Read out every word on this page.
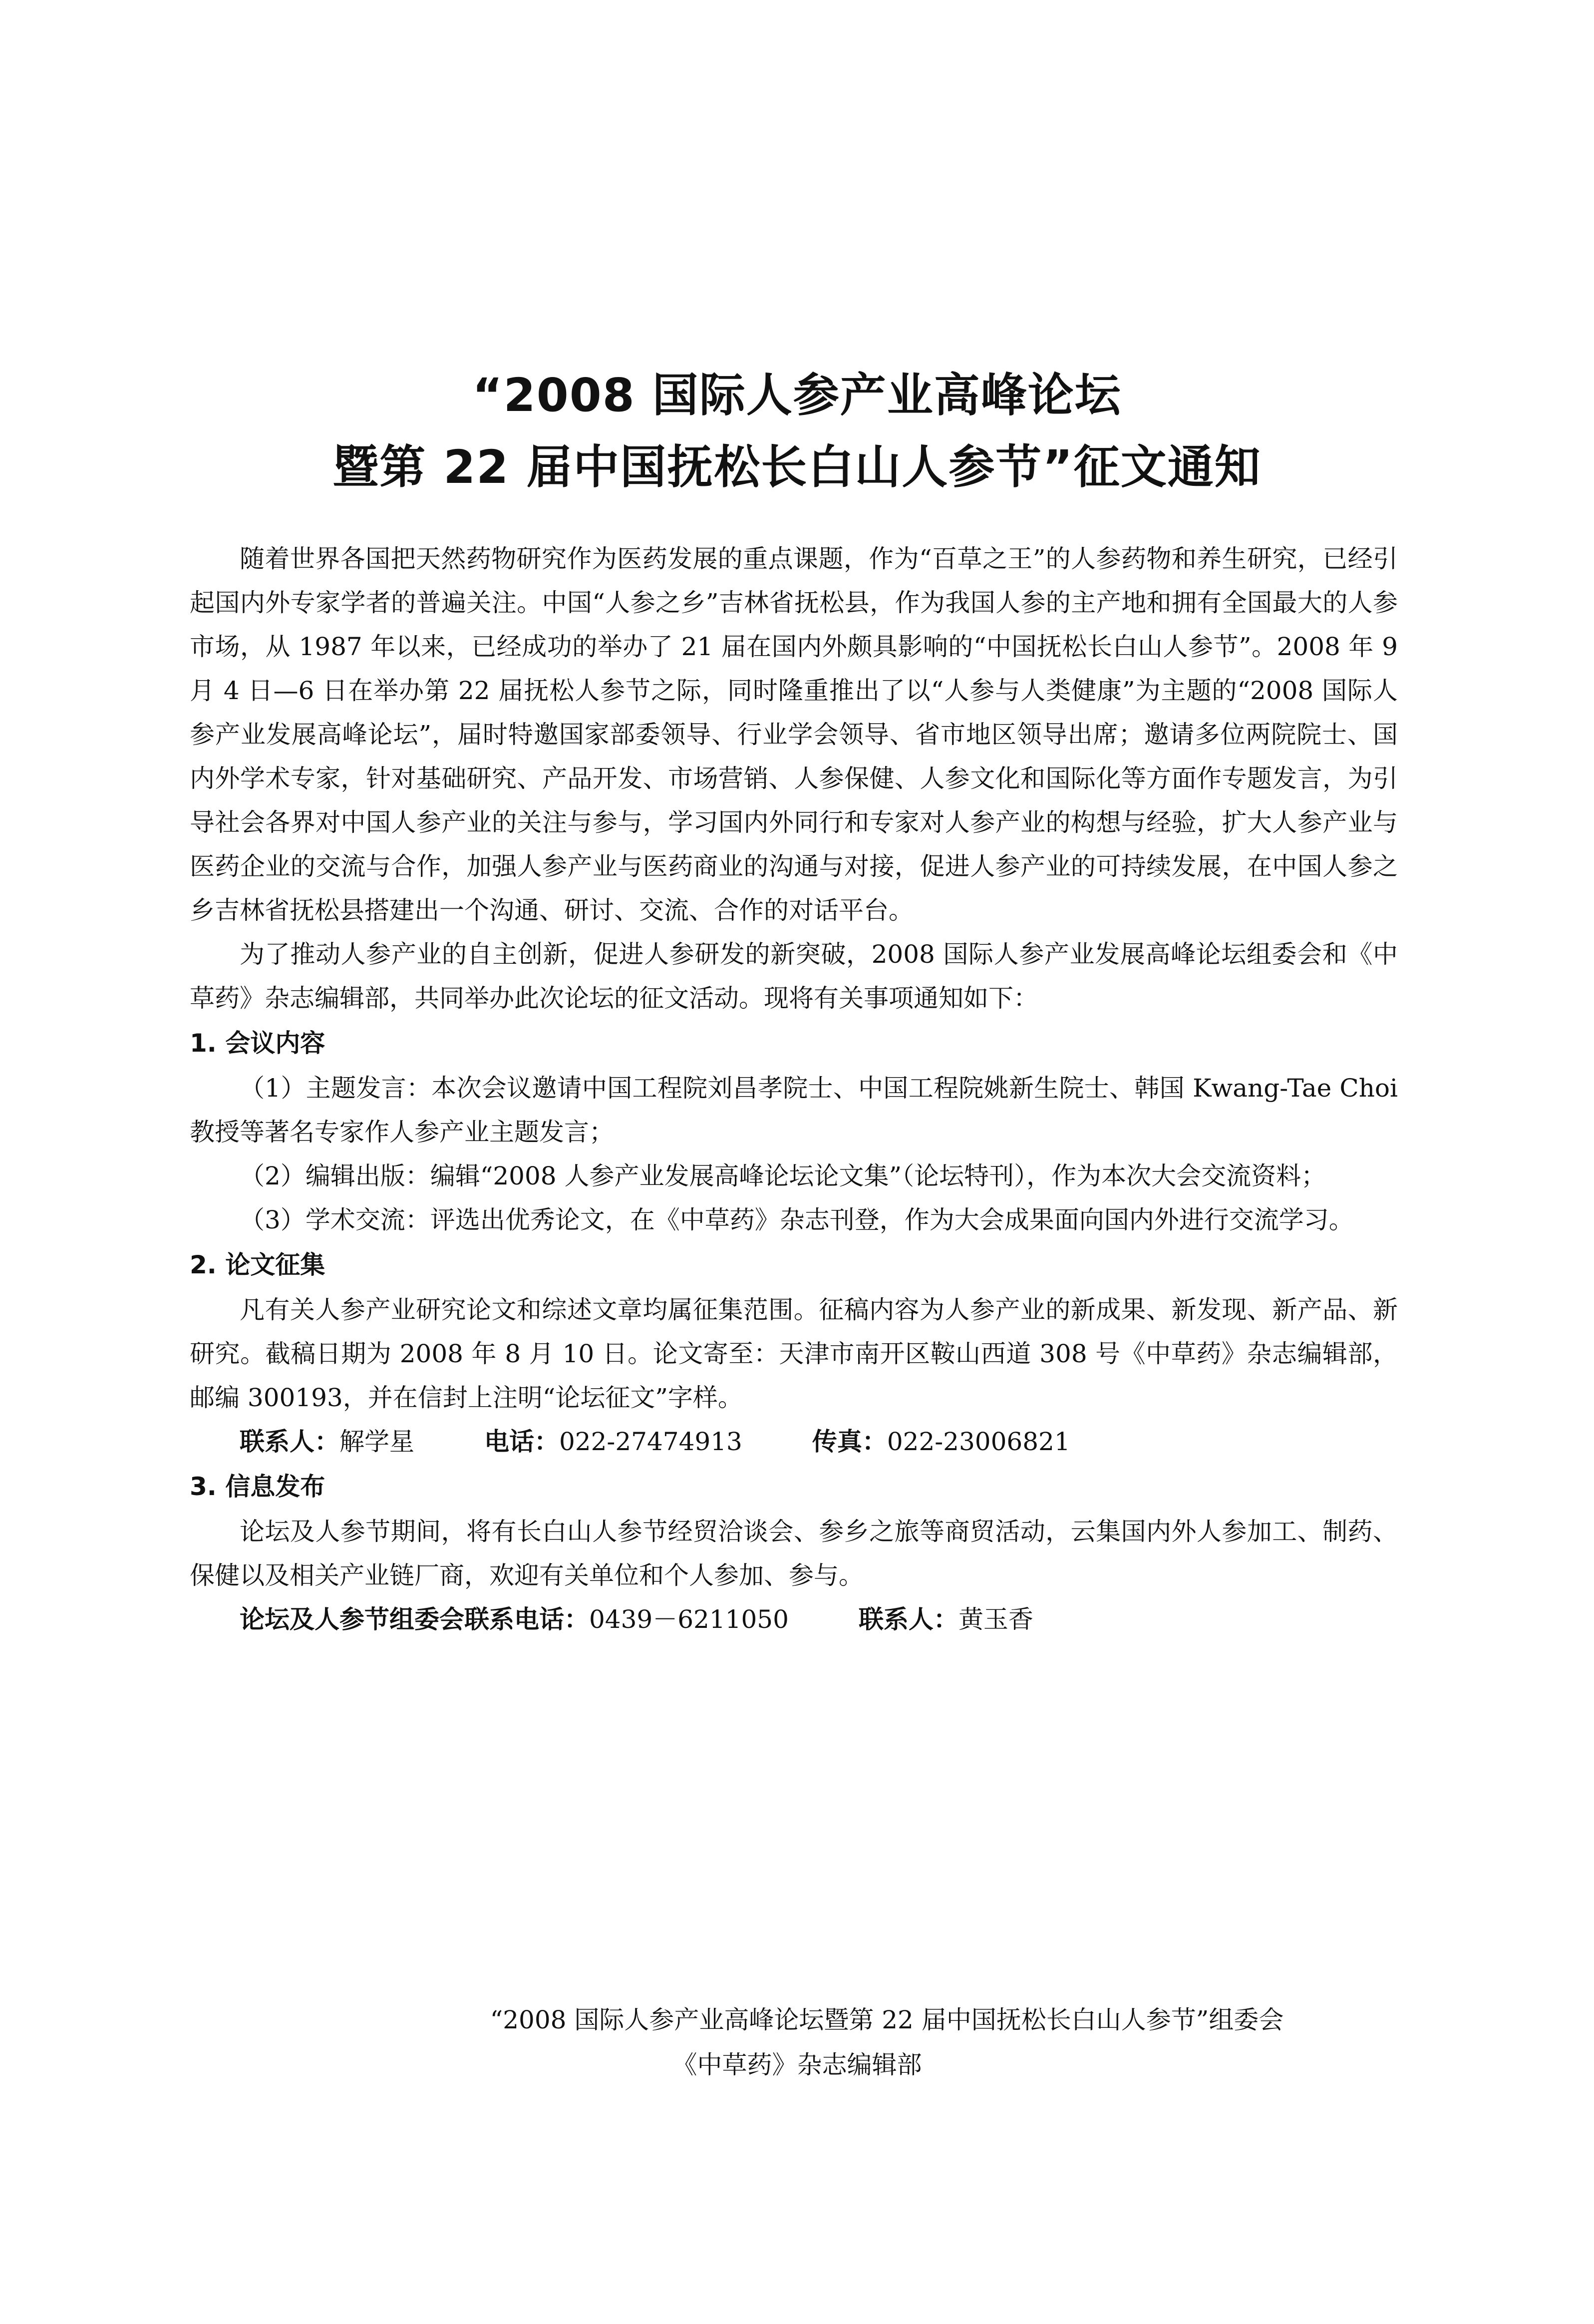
“2008 国际人参产业高峰论坛
暨第 22 届中国抚松长白山人参节”征文通知

随着世界各国把天然药物研究作为医药发展的重点课题，作为“百草之王”的人参药物和养生研究，已经引起国内外专家学者的普遍关注。中国“人参之乡”吉林省抚松县，作为我国人参的主产地和拥有全国最大的人参市场，从 1987 年以来，已经成功的举办了 21 届在国内外颇具影响的“中国抚松长白山人参节”。2008 年 9 月 4 日—6 日在举办第 22 届抚松人参节之际，同时隆重推出了以“人参与人类健康”为主题的“2008 国际人参产业发展高峰论坛”，届时特邀国家部委领导、行业学会领导、省市地区领导出席；邀请多位两院院士、国内外学术专家，针对基础研究、产品开发、市场营销、人参保健、人参文化和国际化等方面作专题发言，为引导社会各界对中国人参产业的关注与参与，学习国内外同行和专家对人参产业的构想与经验，扩大人参产业与医药企业的交流与合作，加强人参产业与医药商业的沟通与对接，促进人参产业的可持续发展，在中国人参之乡吉林省抚松县搭建出一个沟通、研讨、交流、合作的对话平台。

为了推动人参产业的自主创新，促进人参研发的新突破，2008 国际人参产业发展高峰论坛组委会和《中草药》杂志编辑部，共同举办此次论坛的征文活动。现将有关事项通知如下：

1. 会议内容

（1）主题发言：本次会议邀请中国工程院刘昌孝院士、中国工程院姚新生院士、韩国 Kwang-Tae Choi 教授等著名专家作人参产业主题发言；

（2）编辑出版：编辑“2008 人参产业发展高峰论坛论文集”（论坛特刊），作为本次大会交流资料；

（3）学术交流：评选出优秀论文，在《中草药》杂志刊登，作为大会成果面向国内外进行交流学习。

2. 论文征集

凡有关人参产业研究论文和综述文章均属征集范围。征稿内容为人参产业的新成果、新发现、新产品、新研究。截稿日期为 2008 年 8 月 10 日。论文寄至：天津市南开区鞍山西道 308 号《中草药》杂志编辑部，邮编 300193，并在信封上注明“论坛征文”字样。

联系人：解学星	电话：022-27474913	传真：022-23006821
3. 信息发布

论坛及人参节期间，将有长白山人参节经贸洽谈会、参乡之旅等商贸活动，云集国内外人参加工、制药、保健以及相关产业链厂商，欢迎有关单位和个人参加、参与。

论坛及人参节组委会联系电话：0439－6211050	联系人：黄玉香
“2008 国际人参产业高峰论坛暨第 22 届中国抚松长白山人参节”组委会
《中草药》杂志编辑部
